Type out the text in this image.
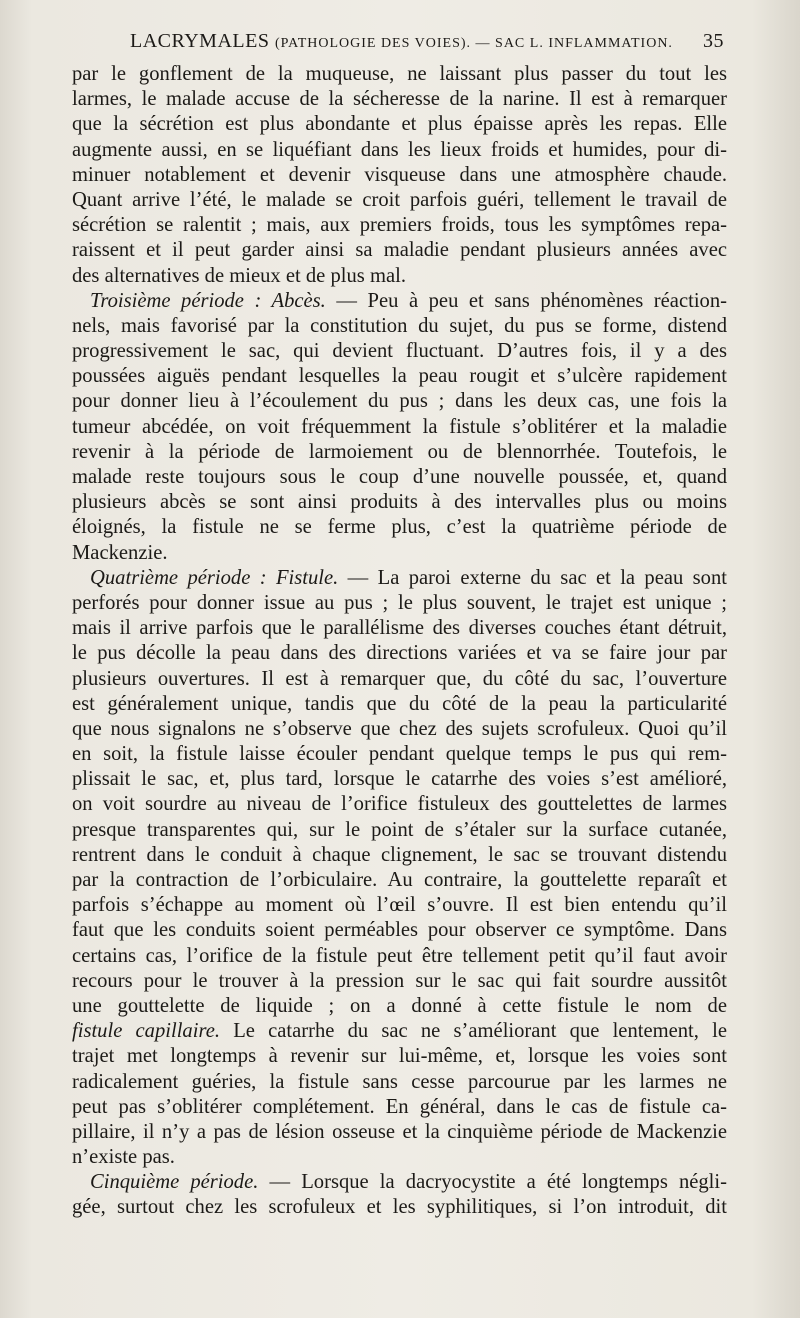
LACRYMALES (PATHOLOGIE DES VOIES). — SAC L. INFLAMMATION. 35
par le gonflement de la muqueuse, ne laissant plus passer du tout les
larmes, le malade accuse de la sécheresse de la narine. Il est à remarquer
que la sécrétion est plus abondante et plus épaisse après les repas. Elle
augmente aussi, en se liquéfiant dans les lieux froids et humides, pour di-
minuer notablement et devenir visqueuse dans une atmosphère chaude.
Quant arrive l’été, le malade se croit parfois guéri, tellement le travail de
sécrétion se ralentit ; mais, aux premiers froids, tous les symptômes repa-
raissent et il peut garder ainsi sa maladie pendant plusieurs années avec
des alternatives de mieux et de plus mal.
Troisième période : Abcès. — Peu à peu et sans phénomènes réaction-
nels, mais favorisé par la constitution du sujet, du pus se forme, distend
progressivement le sac, qui devient fluctuant. D’autres fois, il y a des
poussées aiguës pendant lesquelles la peau rougit et s’ulcère rapidement
pour donner lieu à l’écoulement du pus ; dans les deux cas, une fois la
tumeur abcédée, on voit fréquemment la fistule s’oblitérer et la maladie
revenir à la période de larmoiement ou de blennorrhée. Toutefois, le
malade reste toujours sous le coup d’une nouvelle poussée, et, quand
plusieurs abcès se sont ainsi produits à des intervalles plus ou moins
éloignés, la fistule ne se ferme plus, c’est la quatrième période de
Mackenzie.
Quatrième période : Fistule. — La paroi externe du sac et la peau sont
perforés pour donner issue au pus ; le plus souvent, le trajet est unique ;
mais il arrive parfois que le parallélisme des diverses couches étant détruit,
le pus décolle la peau dans des directions variées et va se faire jour par
plusieurs ouvertures. Il est à remarquer que, du côté du sac, l’ouverture
est généralement unique, tandis que du côté de la peau la particularité
que nous signalons ne s’observe que chez des sujets scrofuleux. Quoi qu’il
en soit, la fistule laisse écouler pendant quelque temps le pus qui rem-
plissait le sac, et, plus tard, lorsque le catarrhe des voies s’est amélioré,
on voit sourdre au niveau de l’orifice fistuleux des gouttelettes de larmes
presque transparentes qui, sur le point de s’étaler sur la surface cutanée,
rentrent dans le conduit à chaque clignement, le sac se trouvant distendu
par la contraction de l’orbiculaire. Au contraire, la gouttelette reparaît et
parfois s’échappe au moment où l’œil s’ouvre. Il est bien entendu qu’il
faut que les conduits soient perméables pour observer ce symptôme. Dans
certains cas, l’orifice de la fistule peut être tellement petit qu’il faut avoir
recours pour le trouver à la pression sur le sac qui fait sourdre aussitôt
une gouttelette de liquide ; on a donné à cette fistule le nom de
fistule capillaire. Le catarrhe du sac ne s’améliorant que lentement, le
trajet met longtemps à revenir sur lui-même, et, lorsque les voies sont
radicalement guéries, la fistule sans cesse parcourue par les larmes ne
peut pas s’oblitérer complétement. En général, dans le cas de fistule ca-
pillaire, il n’y a pas de lésion osseuse et la cinquième période de Mackenzie
n’existe pas.
Cinquième période. — Lorsque la dacryocystite a été longtemps négli-
gée, surtout chez les scrofuleux et les syphilitiques, si l’on introduit, dit
